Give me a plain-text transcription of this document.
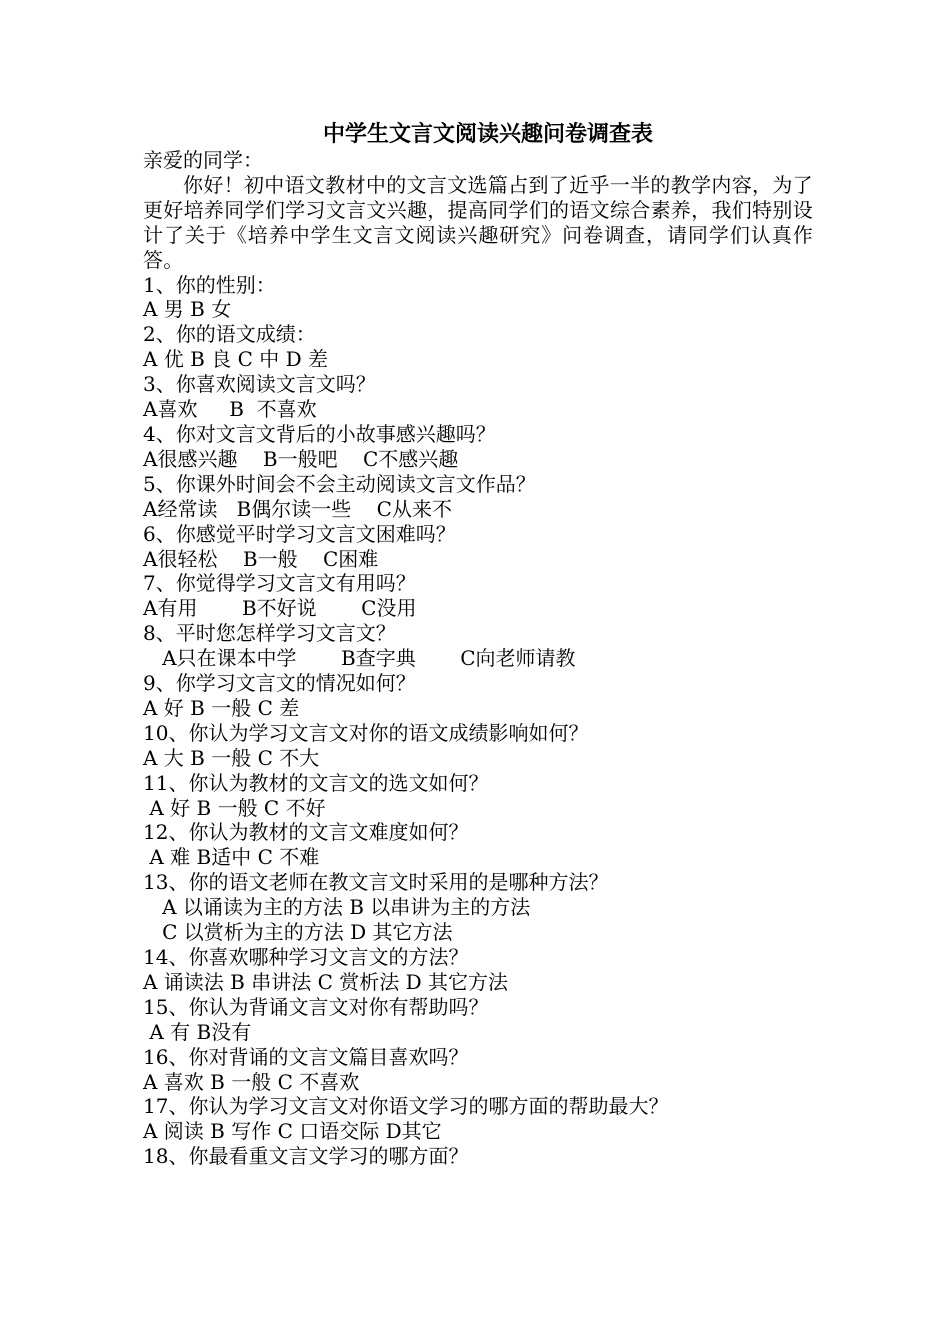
中学生文言文阅读兴趣问卷调查表

亲爱的同学：

你好！初中语文教材中的文言文选篇占到了近乎一半的教学内容，为了更好培养同学们学习文言文兴趣，提高同学们的语文综合素养，我们特别设计了关于《培养中学生文言文阅读兴趣研究》问卷调查，请同学们认真作答。

1、你的性别：

A 男 B 女

2、你的语文成绩：

A 优 B 良 C 中 D 差

3、你喜欢阅读文言文吗？

A喜欢     B  不喜欢

4、你对文言文背后的小故事感兴趣吗？

A很感兴趣    B一般吧    C不感兴趣

5、你课外时间会不会主动阅读文言文作品？

A经常读   B偶尔读一些    C从来不

6、你感觉平时学习文言文困难吗？

A很轻松    B一般    C困难

7、你觉得学习文言文有用吗？

A有用       B不好说       C没用

8、平时您怎样学习文言文？

A只在课本中学       B查字典       C向老师请教

9、你学习文言文的情况如何？

A 好 B 一般 C 差

10、你认为学习文言文对你的语文成绩影响如何？

A 大 B 一般 C 不大

11、你认为教材的文言文的选文如何？

A 好 B 一般 C 不好

12、你认为教材的文言文难度如何？

A 难 B适中 C 不难

13、你的语文老师在教文言文时采用的是哪种方法？

A 以诵读为主的方法 B 以串讲为主的方法

C 以赏析为主的方法 D 其它方法

14、你喜欢哪种学习文言文的方法？

A 诵读法 B 串讲法 C 赏析法 D 其它方法

15、你认为背诵文言文对你有帮助吗？

A 有 B没有

16、你对背诵的文言文篇目喜欢吗？

A 喜欢 B 一般 C 不喜欢

17、你认为学习文言文对你语文学习的哪方面的帮助最大？

A 阅读 B 写作 C 口语交际 D其它

18、你最看重文言文学习的哪方面？
